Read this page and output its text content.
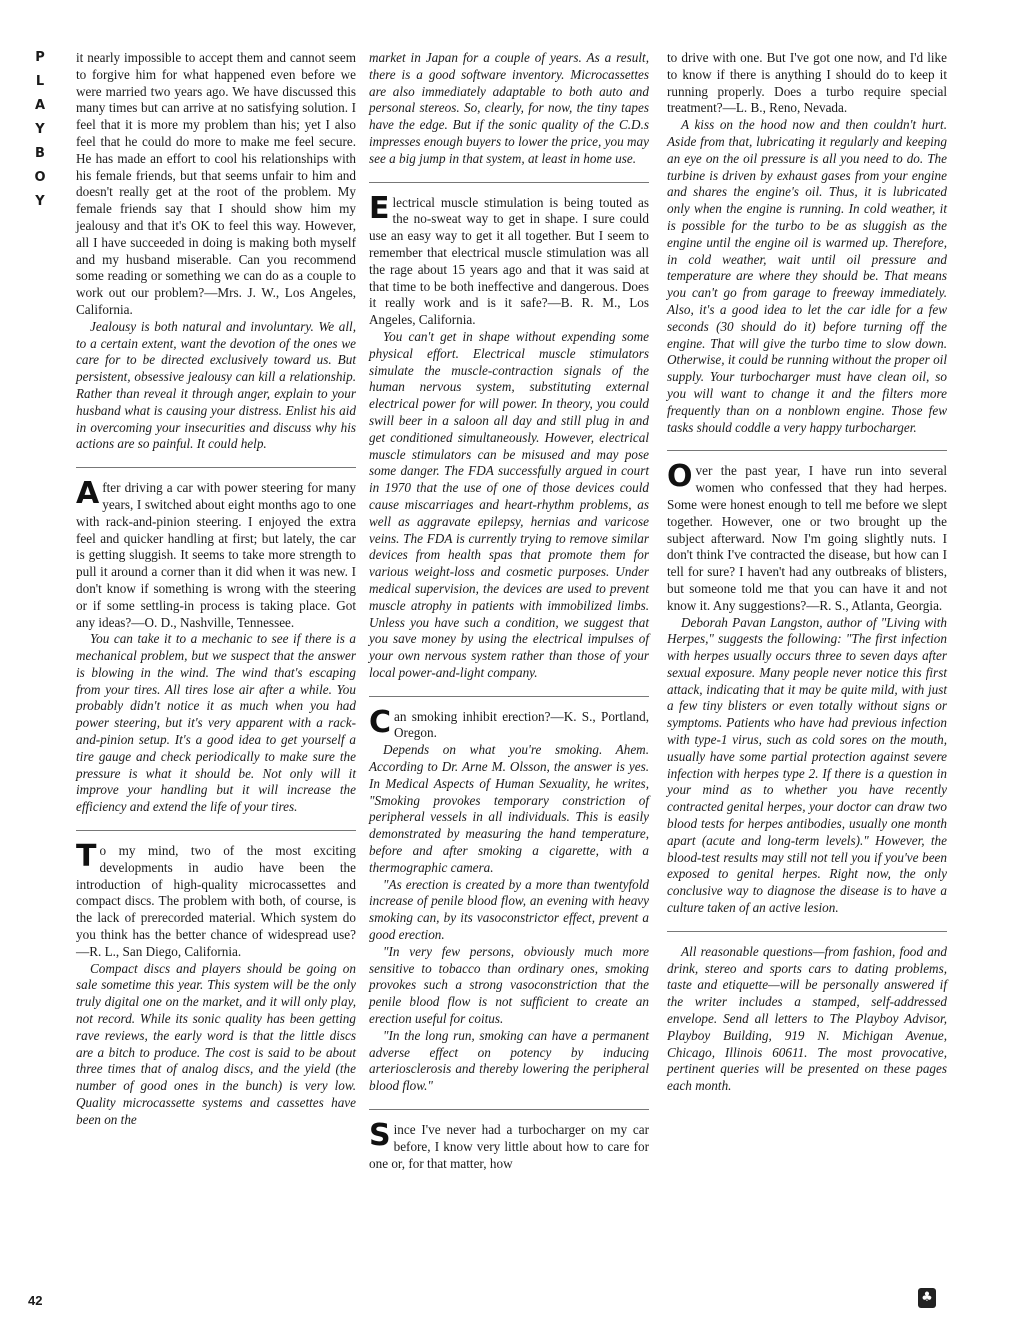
P
L
A
Y
B
O
Y

it nearly impossible to accept them and cannot seem to forgive him for what happened even before we were married two years ago. We have discussed this many times but can arrive at no satisfying solution. I feel that it is more my problem than his; yet I also feel that he could do more to make me feel secure. He has made an effort to cool his relationships with his female friends, but that seems unfair to him and doesn't really get at the root of the problem. My female friends say that I should show him my jealousy and that it's OK to feel this way. However, all I have succeeded in doing is making both myself and my husband miserable. Can you recommend some reading or something we can do as a couple to work out our problem?—Mrs. J. W., Los Angeles, California.

Jealousy is both natural and involuntary. We all, to a certain extent, want the devotion of the ones we care for to be directed exclusively toward us. But persistent, obsessive jealousy can kill a relationship. Rather than reveal it through anger, explain to your husband what is causing your distress. Enlist his aid in overcoming your insecurities and discuss why his actions are so painful. It could help.

After driving a car with power steering for many years, I switched about eight months ago to one with rack-and-pinion steering. I enjoyed the extra feel and quicker handling at first; but lately, the car is getting sluggish. It seems to take more strength to pull it around a corner than it did when it was new. I don't know if something is wrong with the steering or if some settling-in process is taking place. Got any ideas?—O. D., Nashville, Tennessee.

You can take it to a mechanic to see if there is a mechanical problem, but we suspect that the answer is blowing in the wind. The wind that's escaping from your tires. All tires lose air after a while. You probably didn't notice it as much when you had power steering, but it's very apparent with a rack-and-pinion setup. It's a good idea to get yourself a tire gauge and check periodically to make sure the pressure is what it should be. Not only will it improve your handling but it will increase the efficiency and extend the life of your tires.

To my mind, two of the most exciting developments in audio have been the introduction of high-quality microcassettes and compact discs. The problem with both, of course, is the lack of prerecorded material. Which system do you think has the better chance of widespread use?—R. L., San Diego, California.

Compact discs and players should be going on sale sometime this year. This system will be the only truly digital one on the market, and it will only play, not record. While its sonic quality has been getting rave reviews, the early word is that the little discs are a bitch to produce. The cost is said to be about three times that of analog discs, and the yield (the number of good ones in the bunch) is very low. Quality microcassette systems and cassettes have been on the

market in Japan for a couple of years. As a result, there is a good software inventory. Microcassettes are also immediately adaptable to both auto and personal stereos. So, clearly, for now, the tiny tapes have the edge. But if the sonic quality of the C.D.s impresses enough buyers to lower the price, you may see a big jump in that system, at least in home use.

Electrical muscle stimulation is being touted as the no-sweat way to get in shape. I sure could use an easy way to get it all together. But I seem to remember that electrical muscle stimulation was all the rage about 15 years ago and that it was said at that time to be both ineffective and dangerous. Does it really work and is it safe?—B. R. M., Los Angeles, California.

You can't get in shape without expending some physical effort. Electrical muscle stimulators simulate the muscle-contraction signals of the human nervous system, substituting external electrical power for will power. In theory, you could swill beer in a saloon all day and still plug in and get conditioned simultaneously. However, electrical muscle stimulators can be misused and may pose some danger. The FDA successfully argued in court in 1970 that the use of one of those devices could cause miscarriages and heart-rhythm problems, as well as aggravate epilepsy, hernias and varicose veins. The FDA is currently trying to remove similar devices from health spas that promote them for various weight-loss and cosmetic purposes. Under medical supervision, the devices are used to prevent muscle atrophy in patients with immobilized limbs. Unless you have such a condition, we suggest that you save money by using the electrical impulses of your own nervous system rather than those of your local power-and-light company.

Can smoking inhibit erection?—K. S., Portland, Oregon.

Depends on what you're smoking. Ahem. According to Dr. Arne M. Olsson, the answer is yes. In Medical Aspects of Human Sexuality, he writes, "Smoking provokes temporary constriction of peripheral vessels in all individuals. This is easily demonstrated by measuring the hand temperature, before and after smoking a cigarette, with a thermographic camera.

"As erection is created by a more than twentyfold increase of penile blood flow, an evening with heavy smoking can, by its vasoconstrictor effect, prevent a good erection.

"In very few persons, obviously much more sensitive to tobacco than ordinary ones, smoking provokes such a strong vasoconstriction that the penile blood flow is not sufficient to create an erection useful for coitus.

"In the long run, smoking can have a permanent adverse effect on potency by inducing arteriosclerosis and thereby lowering the peripheral blood flow."

Since I've never had a turbocharger on my car before, I know very little about how to care for one or, for that matter, how

to drive with one. But I've got one now, and I'd like to know if there is anything I should do to keep it running properly. Does a turbo require special treatment?—L. B., Reno, Nevada.

A kiss on the hood now and then couldn't hurt. Aside from that, lubricating it regularly and keeping an eye on the oil pressure is all you need to do. The turbine is driven by exhaust gases from your engine and shares the engine's oil. Thus, it is lubricated only when the engine is running. In cold weather, it is possible for the turbo to be as sluggish as the engine until the engine oil is warmed up. Therefore, in cold weather, wait until oil pressure and temperature are where they should be. That means you can't go from garage to freeway immediately. Also, it's a good idea to let the car idle for a few seconds (30 should do it) before turning off the engine. That will give the turbo time to slow down. Otherwise, it could be running without the proper oil supply. Your turbocharger must have clean oil, so you will want to change it and the filters more frequently than on a nonblown engine. Those few tasks should coddle a very happy turbocharger.

Over the past year, I have run into several women who confessed that they had herpes. Some were honest enough to tell me before we slept together. However, one or two brought up the subject afterward. Now I'm going slightly nuts. I don't think I've contracted the disease, but how can I tell for sure? I haven't had any outbreaks of blisters, but someone told me that you can have it and not know it. Any suggestions?—R. S., Atlanta, Georgia.

Deborah Pavan Langston, author of "Living with Herpes," suggests the following: "The first infection with herpes usually occurs three to seven days after sexual exposure. Many people never notice this first attack, indicating that it may be quite mild, with just a few tiny blisters or even totally without signs or symptoms. Patients who have had previous infection with type-1 virus, such as cold sores on the mouth, usually have some partial protection against severe infection with herpes type 2. If there is a question in your mind as to whether you have recently contracted genital herpes, your doctor can draw two blood tests for herpes antibodies, usually one month apart (acute and long-term levels)." However, the blood-test results may still not tell you if you've been exposed to genital herpes. Right now, the only conclusive way to diagnose the disease is to have a culture taken of an active lesion.

All reasonable questions—from fashion, food and drink, stereo and sports cars to dating problems, taste and etiquette—will be personally answered if the writer includes a stamped, self-addressed envelope. Send all letters to The Playboy Advisor, Playboy Building, 919 N. Michigan Avenue, Chicago, Illinois 60611. The most provocative, pertinent queries will be presented on these pages each month.

42	♣
